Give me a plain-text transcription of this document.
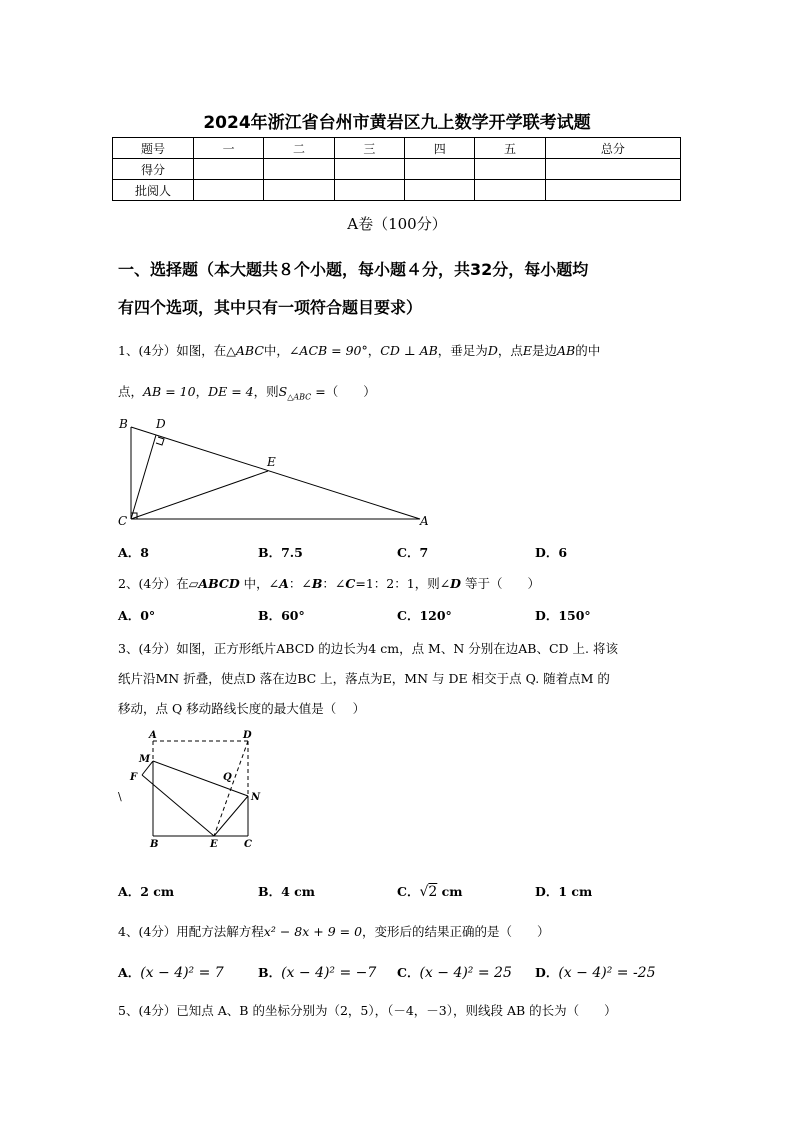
2024年浙江省台州市黄岩区九上数学开学联考试题
题号	一	二	三	四	五	总分
得分						
批阅人						
A卷（100分）
一、选择题（本大题共８个小题，每小题４分，共32分，每小题均
有四个选项，其中只有一项符合题目要求）
1、(4分）如图，在△ABC中，∠ACB = 90°，CD ⊥ AB，垂足为D，点E是边AB的中
点，AB = 10，DE = 4，则$S_{\triangle ABC}$ =（　　）
B D
E
C	A
A．8	B．7.5	C．7	D．6
2、(4分）在▱ABCD 中，∠A：∠B：∠C=1：2：1，则∠D 等于（　　）
A．0°	B．60°	C．120°	D．150°
3、(4分）如图，正方形纸片ABCD 的边长为4 cm，点 M、N 分别在边AB、CD 上. 将该
纸片沿MN 折叠，使点D 落在边BC 上，落点为E，MN 与 DE 相交于点 Q. 随着点M 的
移动，点 Q 移动路线长度的最大值是（　 ）
A	D
M
F	Q
N
B	E	C
\
A．2 cm	B．4 cm	C．√2 cm	D．1 cm
4、(4分）用配方法解方程x² − 8x + 9 = 0，变形后的结果正确的是（　　）
A．(x − 4)² = 7	B．(x − 4)² = −7 C．(x − 4)² = 25 D．(x − 4)² = -25
5、(4分）已知点 A、B 的坐标分别为（2，5），（－4，－3），则线段 AB 的长为（　　）
